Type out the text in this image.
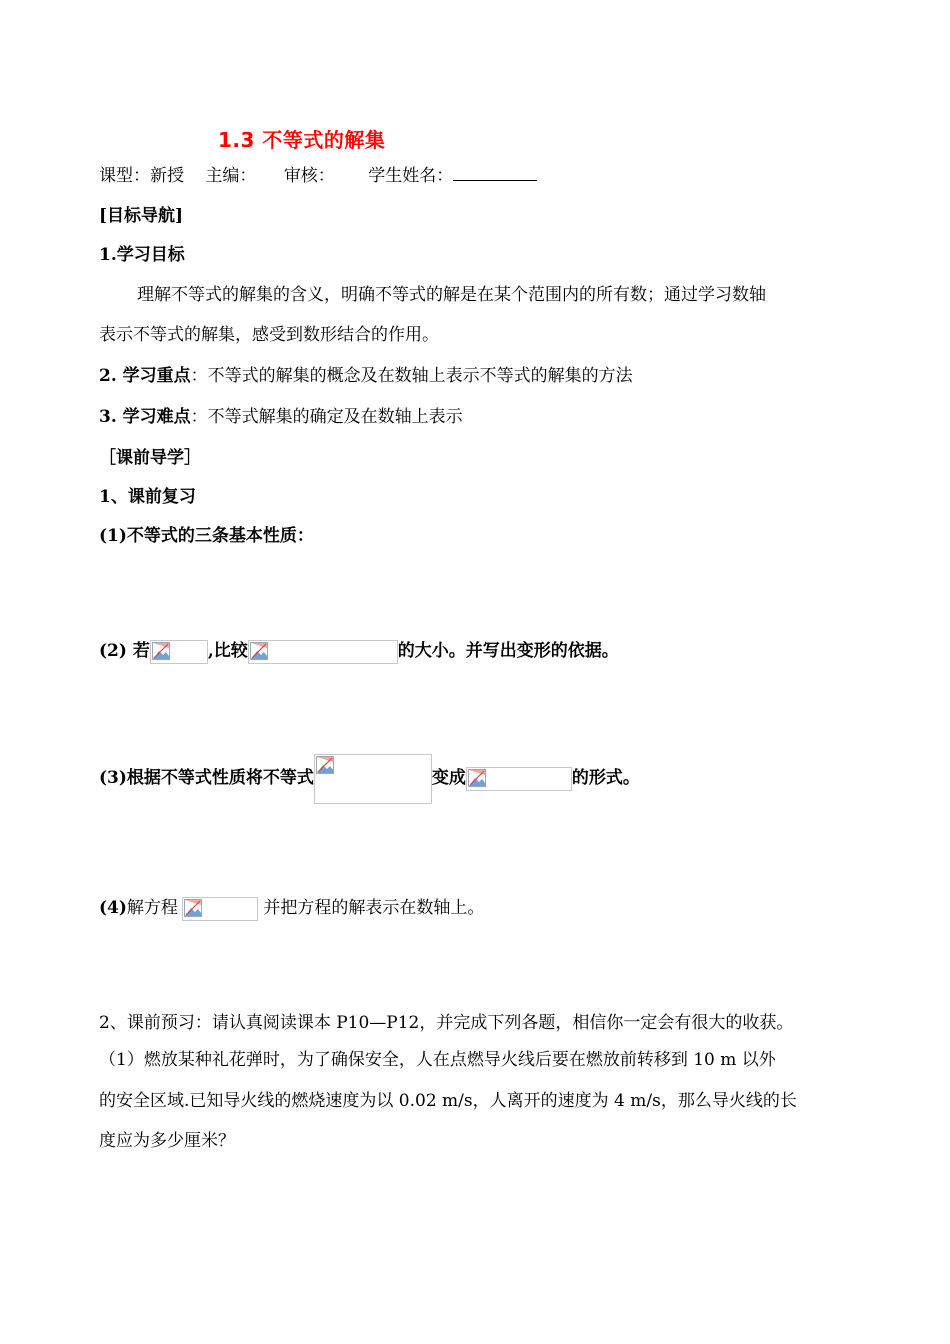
1.3 不等式的解集
课型：新授 主编： 审核： 学生姓名：
[目标导航]
1.学习目标
理解不等式的解集的含义，明确不等式的解是在某个范围内的所有数；通过学习数轴
表示不等式的解集，感受到数形结合的作用。
2. 学习重点：不等式的解集的概念及在数轴上表示不等式的解集的方法
3. 学习难点：不等式解集的确定及在数轴上表示
［课前导学］
1、课前复习
(1)不等式的三条基本性质：
(2) 若	,比较	的大小。并写出变形的依据。
(3)根据不等式性质将不等式	变成	的形式。
(4)解方程	并把方程的解表示在数轴上。
2、课前预习：请认真阅读课本 P10—P12，并完成下列各题，相信你一定会有很大的收获。
（1）燃放某种礼花弹时，为了确保安全，人在点燃导火线后要在燃放前转移到 10 m 以外
的安全区域.已知导火线的燃烧速度为以 0.02 m/s，人离开的速度为 4 m/s，那么导火线的长
度应为多少厘米？
